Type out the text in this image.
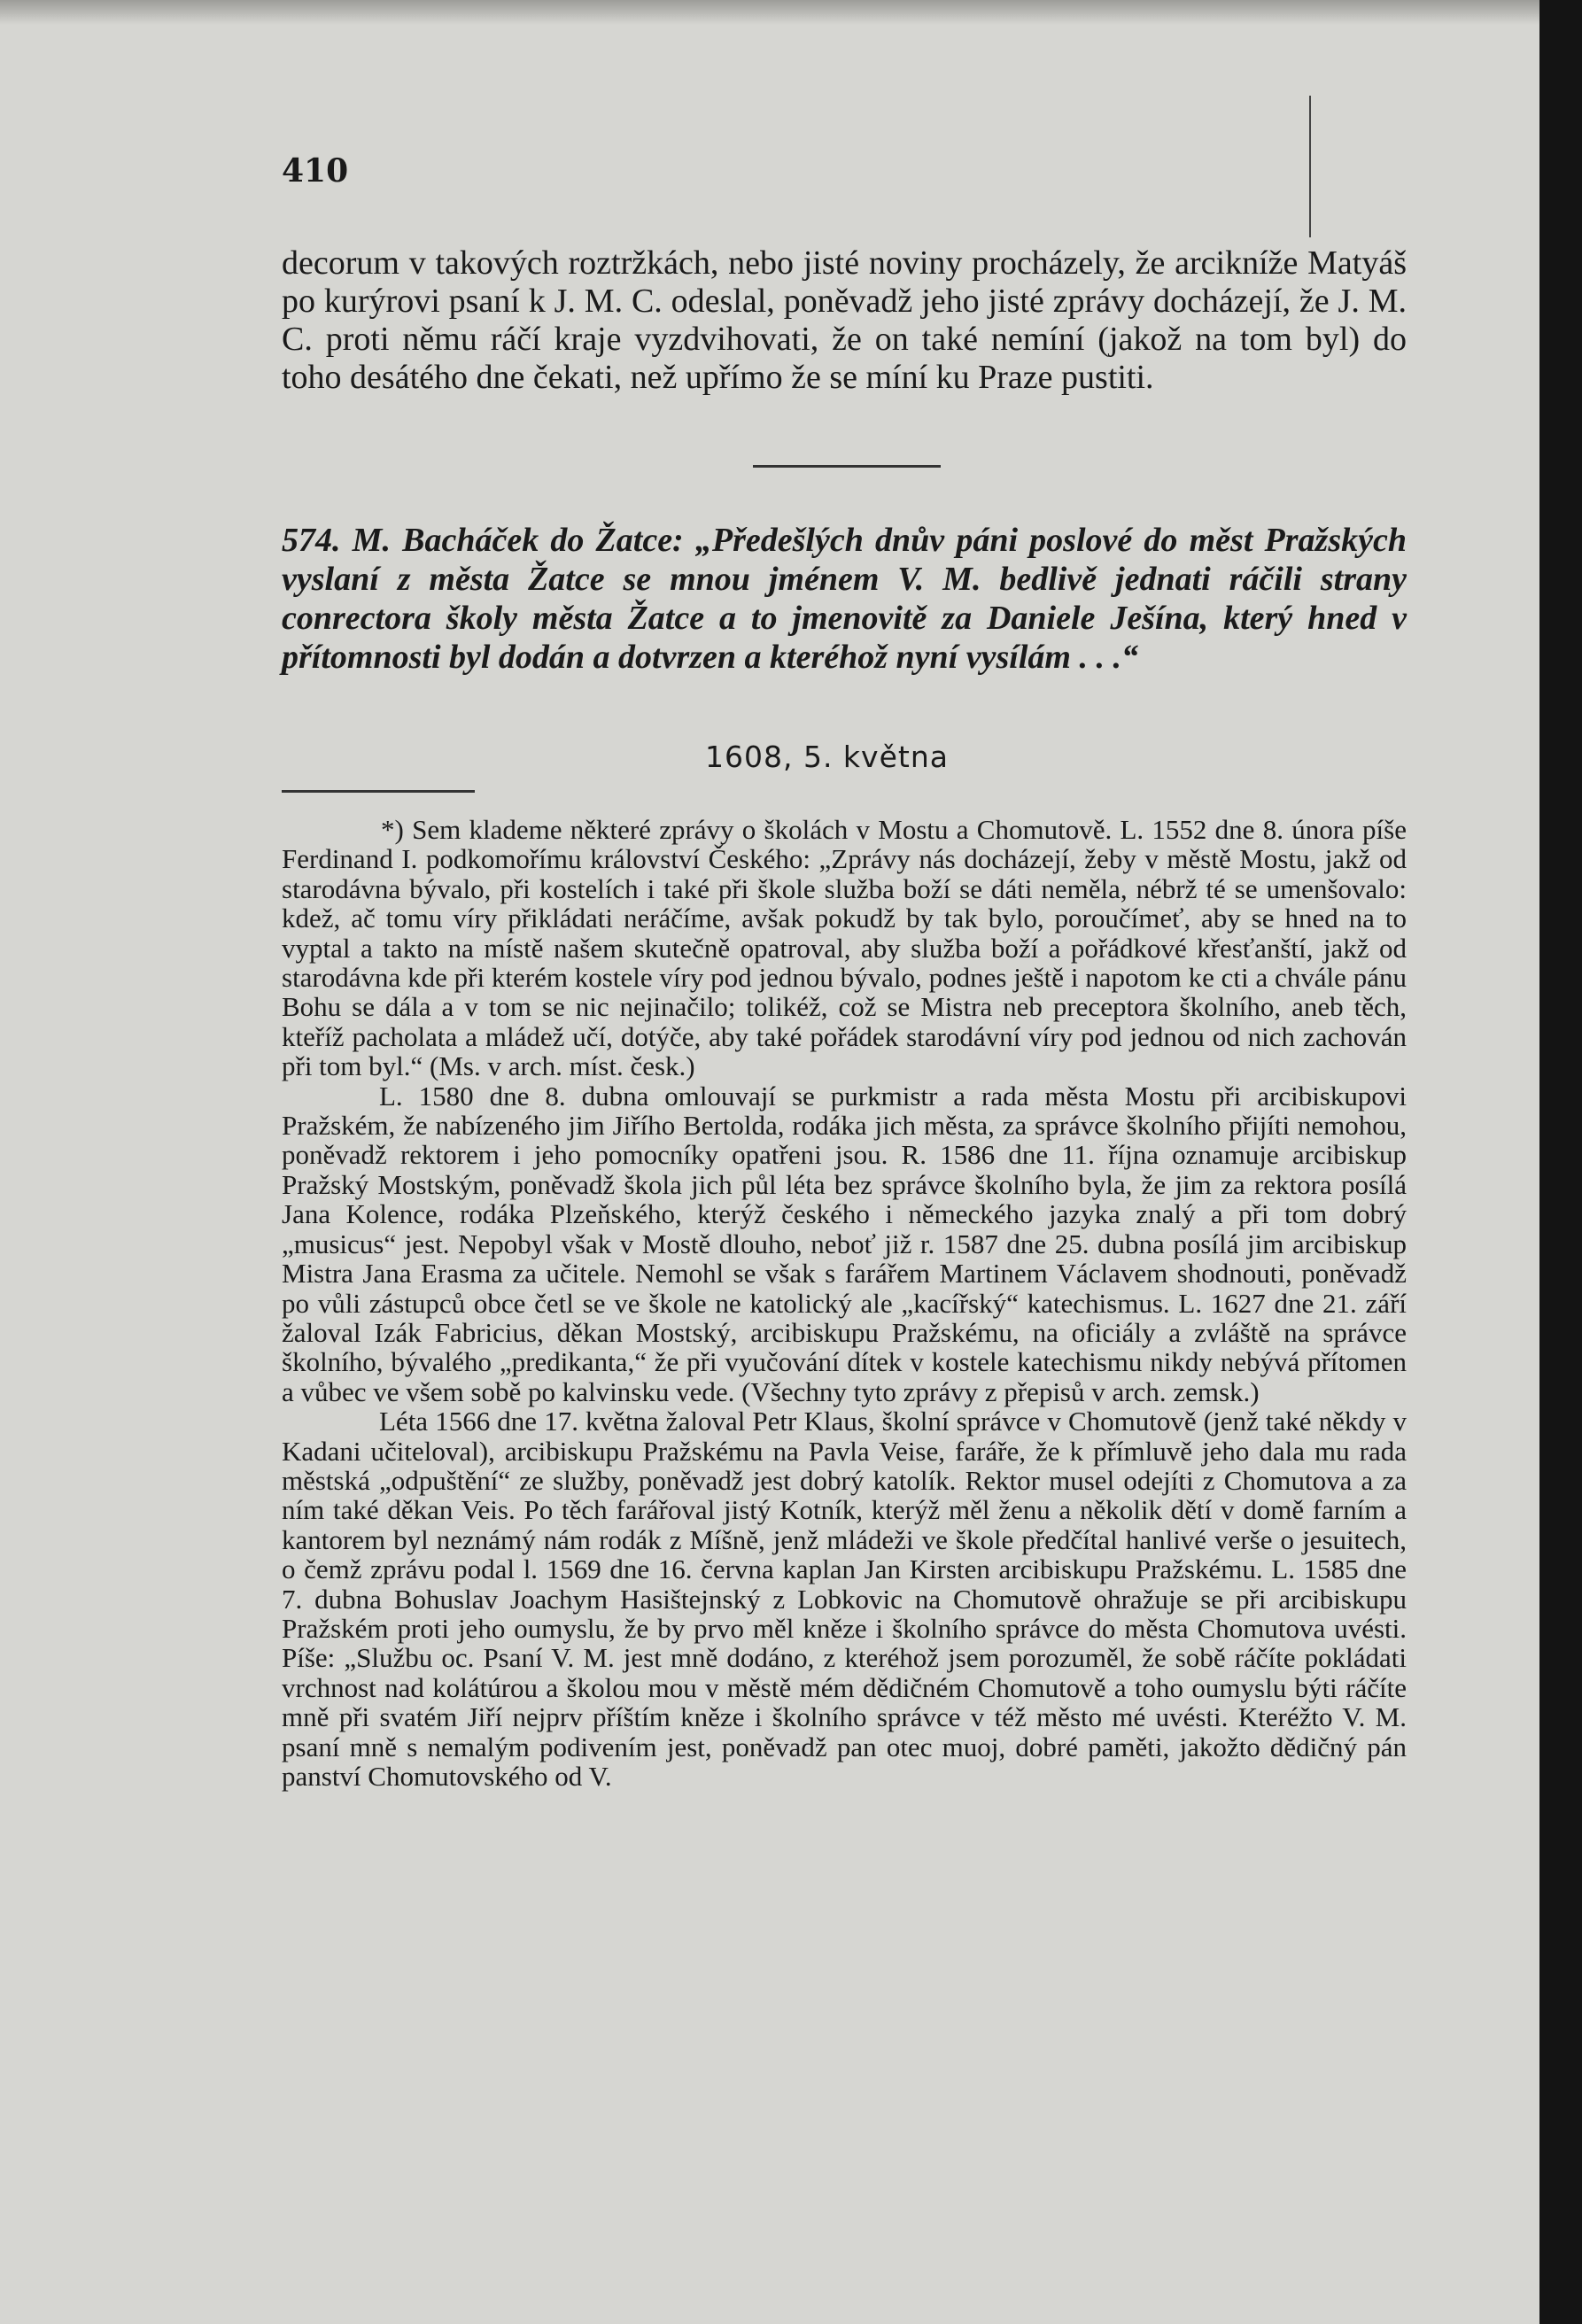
410

decorum v takových roztržkách, nebo jisté noviny procházely, že arcikníže Matyáš po kurýrovi psaní k J. M. C. odeslal, poněvadž jeho jisté zprávy docházejí, že J. M. C. proti němu ráčí kraje vyzdvihovati, že on také nemíní (jakož na tom byl) do toho desátého dne čekati, než upřímo že se míní ku Praze pustiti.

574. M. Bacháček do Žatce: „Předešlých dnův páni poslové do měst Pražských vyslaní z města Žatce se mnou jménem V. M. bedlivě jednati ráčili strany conrectora školy města Žatce a to jmenovitě za Daniele Ješína, který hned v přítomnosti byl dodán a dotvrzen a kteréhož nyní vysílám . . .“
1608, 5. května

*) Sem klademe některé zprávy o školách v Mostu a Chomutově. L. 1552 dne 8. února píše Ferdinand I. podkomořímu království Českého: „Zprávy nás docházejí, žeby v městě Mostu, jakž od starodávna bývalo, při kostelích i také při škole služba boží se dáti neměla, nébrž té se umenšovalo: kdež, ač tomu víry přikládati neráčíme, avšak pokudž by tak bylo, poroučímeť, aby se hned na to vyptal a takto na místě našem skutečně opatroval, aby služba boží a pořádkové křesťanští, jakž od starodávna kde při kterém kostele víry pod jednou bývalo, podnes ještě i napotom ke cti a chvále pánu Bohu se dála a v tom se nic nejinačilo; tolikéž, což se Mistra neb preceptora školního, aneb těch, kteříž pacholata a mládež učí, dotýče, aby také pořádek starodávní víry pod jednou od nich zachován při tom byl.“ (Ms. v arch. míst. česk.)

L. 1580 dne 8. dubna omlouvají se purkmistr a rada města Mostu při arcibiskupovi Pražském, že nabízeného jim Jiřího Bertolda, rodáka jich města, za správce školního přijíti nemohou, poněvadž rektorem i jeho pomocníky opatřeni jsou. R. 1586 dne 11. října oznamuje arcibiskup Pražský Mostským, poněvadž škola jich půl léta bez správce školního byla, že jim za rektora posílá Jana Kolence, rodáka Plzeňského, kterýž českého i německého jazyka znalý a při tom dobrý „musicus“ jest. Nepobyl však v Mostě dlouho, neboť již r. 1587 dne 25. dubna posílá jim arcibiskup Mistra Jana Erasma za učitele. Nemohl se však s farářem Martinem Václavem shodnouti, poněvadž po vůli zástupců obce četl se ve škole ne katolický ale „kacířský“ katechismus. L. 1627 dne 21. září žaloval Izák Fabricius, děkan Mostský, arcibiskupu Pražskému, na oficiály a zvláště na správce školního, bývalého „predikanta,“ že při vyučování dítek v kostele katechismu nikdy nebývá přítomen a vůbec ve všem sobě po kalvinsku vede. (Všechny tyto zprávy z přepisů v arch. zemsk.)

Léta 1566 dne 17. května žaloval Petr Klaus, školní správce v Chomutově (jenž také někdy v Kadani učiteloval), arcibiskupu Pražskému na Pavla Veise, faráře, že k přímluvě jeho dala mu rada městská „odpuštění“ ze služby, poněvadž jest dobrý katolík. Rektor musel odejíti z Chomutova a za ním také děkan Veis. Po těch farářoval jistý Kotník, kterýž měl ženu a několik dětí v domě farním a kantorem byl neznámý nám rodák z Míšně, jenž mládeži ve škole předčítal hanlivé verše o jesuitech, o čemž zprávu podal l. 1569 dne 16. června kaplan Jan Kirsten arcibiskupu Pražskému. L. 1585 dne 7. dubna Bohuslav Joachym Hasištejnský z Lobkovic na Chomutově ohražuje se při arcibiskupu Pražském proti jeho oumyslu, že by prvo měl kněze i školního správce do města Chomutova uvésti. Píše: „Službu oc. Psaní V. M. jest mně dodáno, z kteréhož jsem porozuměl, že sobě ráčíte pokládati vrchnost nad kolátúrou a školou mou v městě mém dědičném Chomutově a toho oumyslu býti ráčíte mně při svatém Jiří nejprv příštím kněze i školního správce v též město mé uvésti. Kteréžto V. M. psaní mně s nemalým podivením jest, poněvadž pan otec muoj, dobré paměti, jakožto dědičný pán panství Chomutovského od V.
